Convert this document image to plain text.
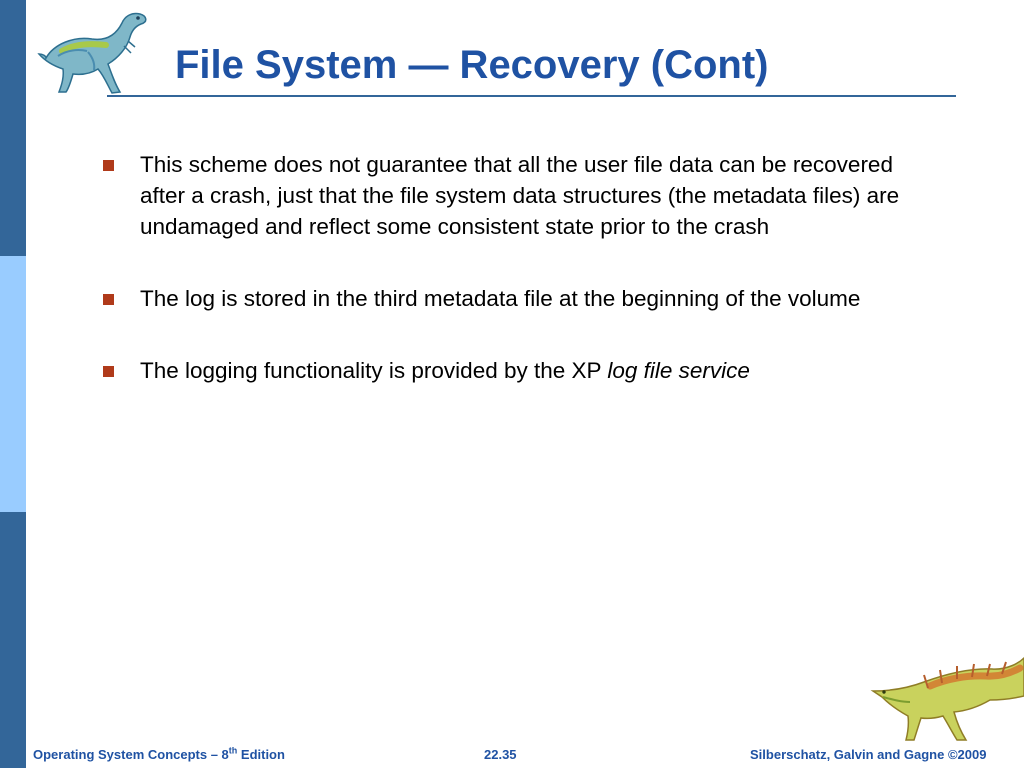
File System — Recovery (Cont)
This scheme does not guarantee that all the user file data can be recovered after a crash, just that the file system data structures (the metadata files) are undamaged and reflect some consistent state prior to the crash
The log is stored in the third metadata file at the beginning of the volume
The logging functionality is provided by the XP log file service
Operating System Concepts – 8th Edition	22.35	Silberschatz, Galvin and Gagne ©2009
